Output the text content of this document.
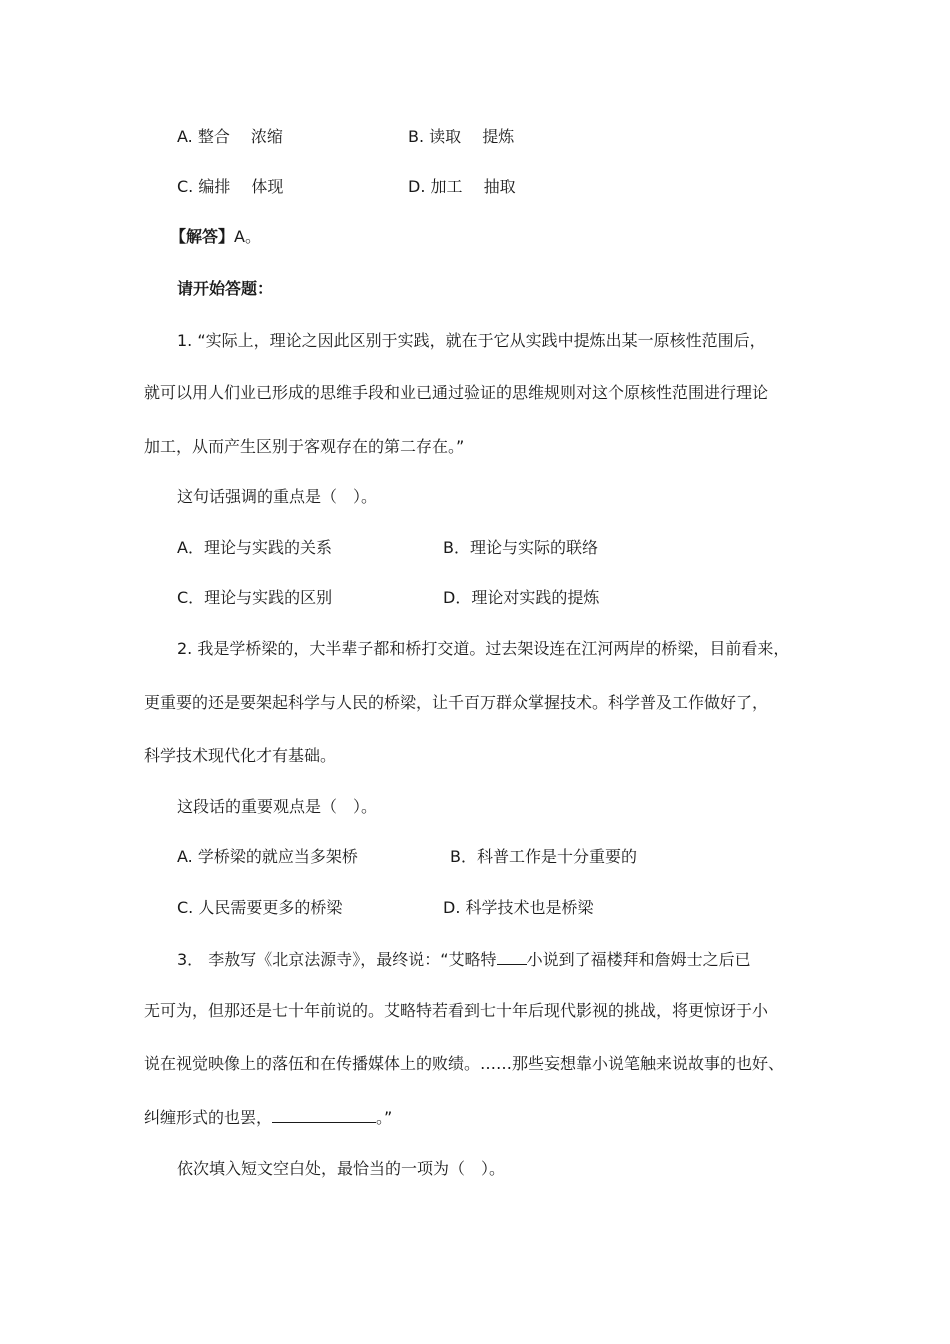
A. 整合　 浓缩	B. 读取　 提炼
C. 编排　 体现	D. 加工　 抽取
【解答】A。
请开始答题：
1. “实际上，理论之因此区别于实践，就在于它从实践中提炼出某一原核性范围后，
就可以用人们业已形成的思维手段和业已通过验证的思维规则对这个原核性范围进行理论
加工，从而产生区别于客观存在的第二存在。”
这句话强调的重点是（　）。
A．理论与实践的关系	B．理论与实际的联络
C．理论与实践的区别	D．理论对实践的提炼
2. 我是学桥梁的，大半辈子都和桥打交道。过去架设连在江河两岸的桥梁，目前看来，
更重要的还是要架起科学与人民的桥梁，让千百万群众掌握技术。科学普及工作做好了，
科学技术现代化才有基础。
这段话的重要观点是（　）。
A. 学桥梁的就应当多架桥	B．科普工作是十分重要的
C. 人民需要更多的桥梁	D. 科学技术也是桥梁
3． 李敖写《北京法源寺》，最终说：“艾略特 小说到了福楼拜和詹姆士之后已
无可为，但那还是七十年前说的。艾略特若看到七十年后现代影视的挑战，将更惊讶于小
说在视觉映像上的落伍和在传播媒体上的败绩。……那些妄想靠小说笔触来说故事的也好、
纠缠形式的也罢，	。”
依次填入短文空白处，最恰当的一项为（　）。
